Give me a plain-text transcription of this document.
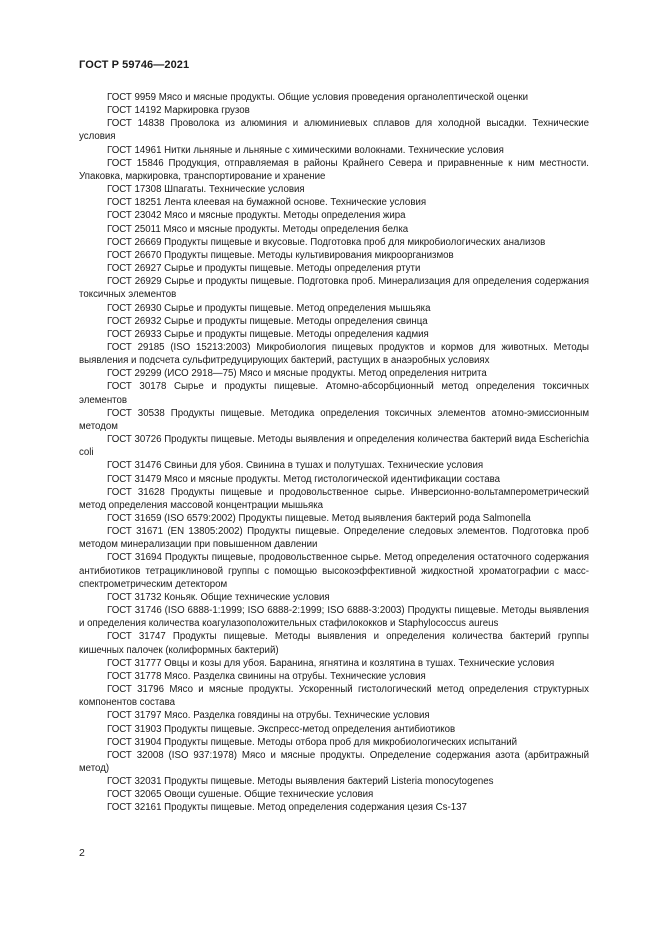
ГОСТ Р 59746—2021
ГОСТ 9959 Мясо и мясные продукты. Общие условия проведения органолептической оценки
ГОСТ 14192 Маркировка грузов
ГОСТ 14838 Проволока из алюминия и алюминиевых сплавов для холодной высадки. Технические условия
ГОСТ 14961 Нитки льняные и льняные с химическими волокнами. Технические условия
ГОСТ 15846 Продукция, отправляемая в районы Крайнего Севера и приравненные к ним местности. Упаковка, маркировка, транспортирование и хранение
ГОСТ 17308 Шпагаты. Технические условия
ГОСТ 18251 Лента клеевая на бумажной основе. Технические условия
ГОСТ 23042 Мясо и мясные продукты. Методы определения жира
ГОСТ 25011 Мясо и мясные продукты. Методы определения белка
ГОСТ 26669 Продукты пищевые и вкусовые. Подготовка проб для микробиологических анализов
ГОСТ 26670 Продукты пищевые. Методы культивирования микроорганизмов
ГОСТ 26927 Сырье и продукты пищевые. Методы определения ртути
ГОСТ 26929 Сырье и продукты пищевые. Подготовка проб. Минерализация для определения содержания токсичных элементов
ГОСТ 26930 Сырье и продукты пищевые. Метод определения мышьяка
ГОСТ 26932 Сырье и продукты пищевые. Методы определения свинца
ГОСТ 26933 Сырье и продукты пищевые. Методы определения кадмия
ГОСТ 29185 (ISO 15213:2003) Микробиология пищевых продуктов и кормов для животных. Методы выявления и подсчета сульфитредуцирующих бактерий, растущих в анаэробных условиях
ГОСТ 29299 (ИСО 2918—75) Мясо и мясные продукты. Метод определения нитрита
ГОСТ 30178 Сырье и продукты пищевые. Атомно-абсорбционный метод определения токсичных элементов
ГОСТ 30538 Продукты пищевые. Методика определения токсичных элементов атомно-эмиссионным методом
ГОСТ 30726 Продукты пищевые. Методы выявления и определения количества бактерий вида Escherichia coli
ГОСТ 31476 Свиньи для убоя. Свинина в тушах и полутушах. Технические условия
ГОСТ 31479 Мясо и мясные продукты. Метод гистологической идентификации состава
ГОСТ 31628 Продукты пищевые и продовольственное сырье. Инверсионно-вольтамперометрический метод определения массовой концентрации мышьяка
ГОСТ 31659 (ISO 6579:2002) Продукты пищевые. Метод выявления бактерий рода Salmonella
ГОСТ 31671 (EN 13805:2002) Продукты пищевые. Определение следовых элементов. Подготовка проб методом минерализации при повышенном давлении
ГОСТ 31694 Продукты пищевые, продовольственное сырье. Метод определения остаточного содержания антибиотиков тетрациклиновой группы с помощью высокоэффективной жидкостной хроматографии с масс-спектрометрическим детектором
ГОСТ 31732 Коньяк. Общие технические условия
ГОСТ 31746 (ISO 6888-1:1999; ISO 6888-2:1999; ISO 6888-3:2003) Продукты пищевые. Методы выявления и определения количества коагулазоположительных стафилококков и Staphylococcus aureus
ГОСТ 31747 Продукты пищевые. Методы выявления и определения количества бактерий группы кишечных палочек (колиформных бактерий)
ГОСТ 31777 Овцы и козы для убоя. Баранина, ягнятина и козлятина в тушах. Технические условия
ГОСТ 31778 Мясо. Разделка свинины на отрубы. Технические условия
ГОСТ 31796 Мясо и мясные продукты. Ускоренный гистологический метод определения структурных компонентов состава
ГОСТ 31797 Мясо. Разделка говядины на отрубы. Технические условия
ГОСТ 31903 Продукты пищевые. Экспресс-метод определения антибиотиков
ГОСТ 31904 Продукты пищевые. Методы отбора проб для микробиологических испытаний
ГОСТ 32008 (ISO 937:1978) Мясо и мясные продукты. Определение содержания азота (арбитражный метод)
ГОСТ 32031 Продукты пищевые. Методы выявления бактерий Listeria monocytogenes
ГОСТ 32065 Овощи сушеные. Общие технические условия
ГОСТ 32161 Продукты пищевые. Метод определения содержания цезия Cs-137
2
